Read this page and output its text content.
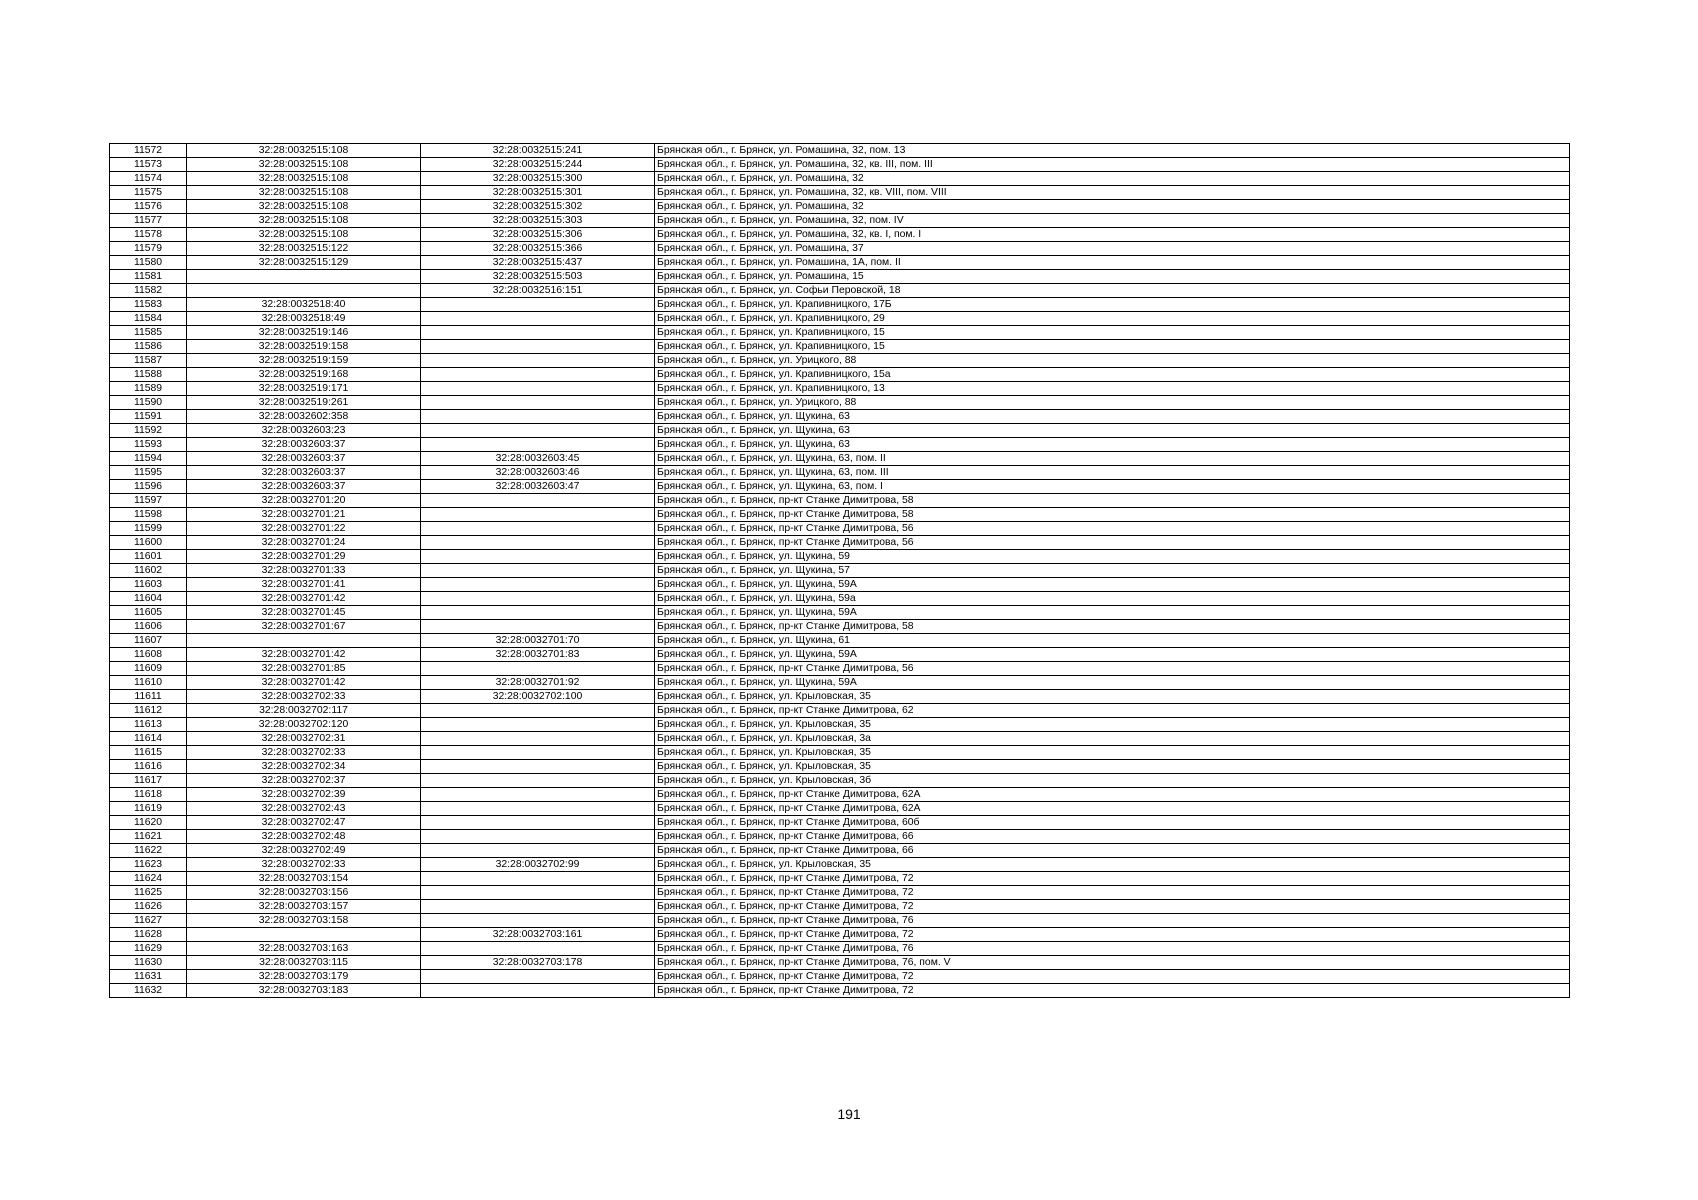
11572	32:28:0032515:108	32:28:0032515:241	Брянская обл., г. Брянск, ул. Ромашина, 32, пом. 13
11573	32:28:0032515:108	32:28:0032515:244	Брянская обл., г. Брянск, ул. Ромашина, 32, кв. III, пом. III
11574	32:28:0032515:108	32:28:0032515:300	Брянская обл., г. Брянск, ул. Ромашина, 32
11575	32:28:0032515:108	32:28:0032515:301	Брянская обл., г. Брянск, ул. Ромашина, 32, кв. VIII, пом. VIII
11576	32:28:0032515:108	32:28:0032515:302	Брянская обл., г. Брянск, ул. Ромашина, 32
11577	32:28:0032515:108	32:28:0032515:303	Брянская обл., г. Брянск, ул. Ромашина, 32, пом. IV
11578	32:28:0032515:108	32:28:0032515:306	Брянская обл., г. Брянск, ул. Ромашина, 32, кв. I, пом. I
11579	32:28:0032515:122	32:28:0032515:366	Брянская обл., г. Брянск, ул. Ромашина, 37
11580	32:28:0032515:129	32:28:0032515:437	Брянская обл., г. Брянск, ул. Ромашина, 1А, пом. II
11581		32:28:0032515:503	Брянская обл., г. Брянск, ул. Ромашина, 15
11582		32:28:0032516:151	Брянская обл., г. Брянск, ул. Софьи Перовской, 18
11583	32:28:0032518:40		Брянская обл., г. Брянск, ул. Крапивницкого, 17Б
11584	32:28:0032518:49		Брянская обл., г. Брянск, ул. Крапивницкого, 29
11585	32:28:0032519:146		Брянская обл., г. Брянск, ул. Крапивницкого, 15
11586	32:28:0032519:158		Брянская обл., г. Брянск, ул. Крапивницкого, 15
11587	32:28:0032519:159		Брянская обл., г. Брянск, ул. Урицкого, 88
11588	32:28:0032519:168		Брянская обл., г. Брянск, ул. Крапивницкого, 15а
11589	32:28:0032519:171		Брянская обл., г. Брянск, ул. Крапивницкого, 13
11590	32:28:0032519:261		Брянская обл., г. Брянск, ул. Урицкого, 88
11591	32:28:0032602:358		Брянская обл., г. Брянск, ул. Щукина, 63
11592	32:28:0032603:23		Брянская обл., г. Брянск, ул. Щукина, 63
11593	32:28:0032603:37		Брянская обл., г. Брянск, ул. Щукина, 63
11594	32:28:0032603:37	32:28:0032603:45	Брянская обл., г. Брянск, ул. Щукина, 63, пом. II
11595	32:28:0032603:37	32:28:0032603:46	Брянская обл., г. Брянск, ул. Щукина, 63, пом. III
11596	32:28:0032603:37	32:28:0032603:47	Брянская обл., г. Брянск, ул. Щукина, 63, пом. I
11597	32:28:0032701:20		Брянская обл., г. Брянск, пр-кт Станке Димитрова, 58
11598	32:28:0032701:21		Брянская обл., г. Брянск, пр-кт Станке Димитрова, 58
11599	32:28:0032701:22		Брянская обл., г. Брянск, пр-кт Станке Димитрова, 56
11600	32:28:0032701:24		Брянская обл., г. Брянск, пр-кт Станке Димитрова, 56
11601	32:28:0032701:29		Брянская обл., г. Брянск, ул. Щукина, 59
11602	32:28:0032701:33		Брянская обл., г. Брянск, ул. Щукина, 57
11603	32:28:0032701:41		Брянская обл., г. Брянск, ул. Щукина, 59А
11604	32:28:0032701:42		Брянская обл., г. Брянск, ул. Щукина, 59а
11605	32:28:0032701:45		Брянская обл., г. Брянск, ул. Щукина, 59А
11606	32:28:0032701:67		Брянская обл., г. Брянск, пр-кт Станке Димитрова, 58
11607		32:28:0032701:70	Брянская обл., г. Брянск, ул. Щукина, 61
11608	32:28:0032701:42	32:28:0032701:83	Брянская обл., г. Брянск, ул. Щукина, 59А
11609	32:28:0032701:85		Брянская обл., г. Брянск, пр-кт Станке Димитрова, 56
11610	32:28:0032701:42	32:28:0032701:92	Брянская обл., г. Брянск, ул. Щукина, 59А
11611	32:28:0032702:33	32:28:0032702:100	Брянская обл., г. Брянск, ул. Крыловская, 35
11612	32:28:0032702:117		Брянская обл., г. Брянск, пр-кт Станке Димитрова, 62
11613	32:28:0032702:120		Брянская обл., г. Брянск, ул. Крыловская, 35
11614	32:28:0032702:31		Брянская обл., г. Брянск, ул. Крыловская, 3а
11615	32:28:0032702:33		Брянская обл., г. Брянск, ул. Крыловская, 35
11616	32:28:0032702:34		Брянская обл., г. Брянск, ул. Крыловская, 35
11617	32:28:0032702:37		Брянская обл., г. Брянск, ул. Крыловская, 3б
11618	32:28:0032702:39		Брянская обл., г. Брянск, пр-кт Станке Димитрова, 62А
11619	32:28:0032702:43		Брянская обл., г. Брянск, пр-кт Станке Димитрова, 62А
11620	32:28:0032702:47		Брянская обл., г. Брянск, пр-кт Станке Димитрова, 60б
11621	32:28:0032702:48		Брянская обл., г. Брянск, пр-кт Станке Димитрова, 66
11622	32:28:0032702:49		Брянская обл., г. Брянск, пр-кт Станке Димитрова, 66
11623	32:28:0032702:33	32:28:0032702:99	Брянская обл., г. Брянск, ул. Крыловская, 35
11624	32:28:0032703:154		Брянская обл., г. Брянск, пр-кт Станке Димитрова, 72
11625	32:28:0032703:156		Брянская обл., г. Брянск, пр-кт Станке Димитрова, 72
11626	32:28:0032703:157		Брянская обл., г. Брянск, пр-кт Станке Димитрова, 72
11627	32:28:0032703:158		Брянская обл., г. Брянск, пр-кт Станке Димитрова, 76
11628		32:28:0032703:161	Брянская обл., г. Брянск, пр-кт Станке Димитрова, 72
11629	32:28:0032703:163		Брянская обл., г. Брянск, пр-кт Станке Димитрова, 76
11630	32:28:0032703:115	32:28:0032703:178	Брянская обл., г. Брянск, пр-кт Станке Димитрова, 76, пом. V
11631	32:28:0032703:179		Брянская обл., г. Брянск, пр-кт Станке Димитрова, 72
11632	32:28:0032703:183		Брянская обл., г. Брянск, пр-кт Станке Димитрова, 72
191
